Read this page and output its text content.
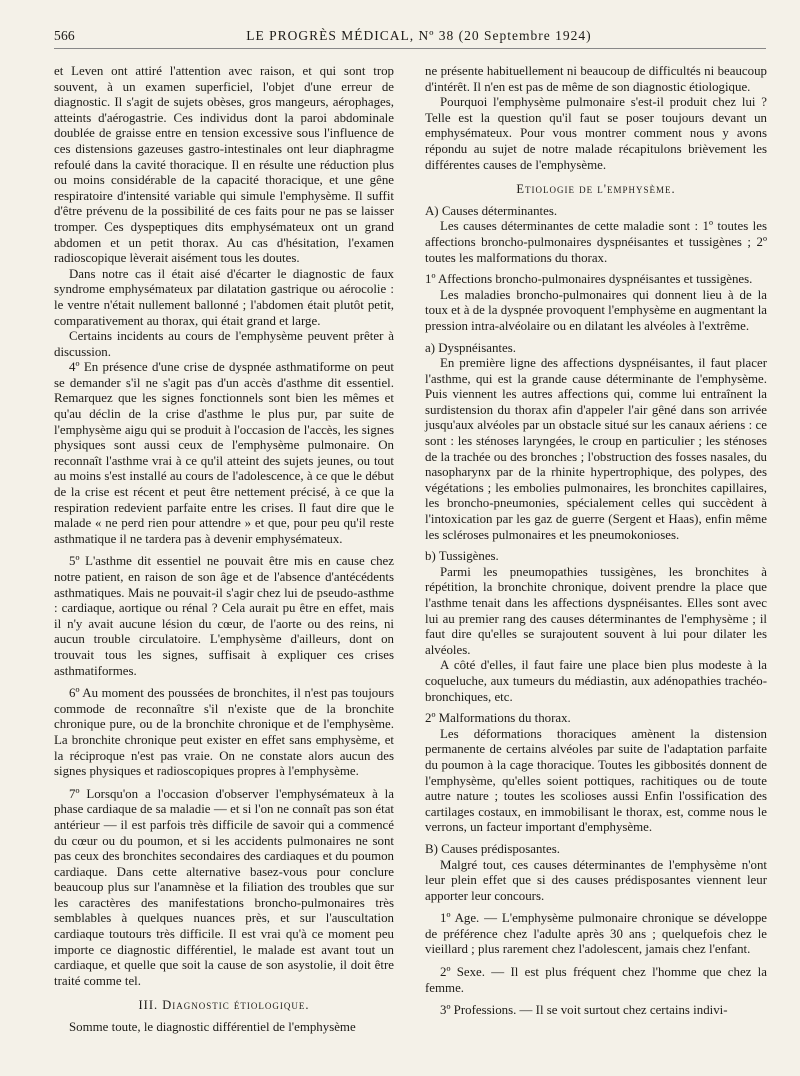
566	LE PROGRÈS MÉDICAL, Nº 38 (20 Septembre 1924)

et Leven ont attiré l'attention avec raison, et qui sont trop souvent, à un examen superficiel, l'objet d'une erreur de diagnostic. Il s'agit de sujets obèses, gros mangeurs, aérophages, atteints d'aérogastrie. Ces individus dont la paroi abdominale doublée de graisse entre en tension excessive sous l'influence de ces distensions gazeuses gastro-intestinales ont leur diaphragme refoulé dans la cavité thoracique. Il en résulte une réduction plus ou moins considérable de la capacité thoracique, et une gêne respiratoire d'intensité variable qui simule l'emphysème. Il suffit d'être prévenu de la possibilité de ces faits pour ne pas se laisser tromper. Ces dyspeptiques dits emphysémateux ont un grand abdomen et un petit thorax. Au cas d'hésitation, l'examen radioscopique lèverait aisément tous les doutes.

Dans notre cas il était aisé d'écarter le diagnostic de faux syndrome emphysémateux par dilatation gastrique ou aérocolie : le ventre n'était nullement ballonné ; l'abdomen était plutôt petit, comparativement au thorax, qui était grand et large.

Certains incidents au cours de l'emphysème peuvent prêter à discussion.

4º En présence d'une crise de dyspnée asthmatiforme on peut se demander s'il ne s'agit pas d'un accès d'asthme dit essentiel. Remarquez que les signes fonctionnels sont bien les mêmes et qu'au déclin de la crise d'asthme le plus pur, par suite de l'emphysème aigu qui se produit à l'occasion de l'accès, les signes physiques sont aussi ceux de l'emphysème pulmonaire. On reconnaît l'asthme vrai à ce qu'il atteint des sujets jeunes, ou tout au moins s'est installé au cours de l'adolescence, à ce que le début de la crise est récent et peut être nettement précisé, à ce que la respiration redevient parfaite entre les crises. Il faut dire que le malade « ne perd rien pour attendre » et que, pour peu qu'il reste asthmatique il ne tardera pas à devenir emphysémateux.

5º L'asthme dit essentiel ne pouvait être mis en cause chez notre patient, en raison de son âge et de l'absence d'antécédents asthmatiques. Mais ne pouvait-il s'agir chez lui de pseudo-asthme : cardiaque, aortique ou rénal ? Cela aurait pu être en effet, mais il n'y avait aucune lésion du cœur, de l'aorte ou des reins, ni aucun trouble circulatoire. L'emphysème d'ailleurs, dont on trouvait tous les signes, suffisait à expliquer ces crises asthmatiformes.

6º Au moment des poussées de bronchites, il n'est pas toujours commode de reconnaître s'il n'existe que de la bronchite chronique pure, ou de la bronchite chronique et de l'emphysème. La bronchite chronique peut exister en effet sans emphysème, et la réciproque n'est pas vraie. On ne constate alors aucun des signes physiques et radioscopiques propres à l'emphysème.

7º Lorsqu'on a l'occasion d'observer l'emphysémateux à la phase cardiaque de sa maladie — et si l'on ne connaît pas son état antérieur — il est parfois très difficile de savoir qui a commencé du cœur ou du poumon, et si les accidents pulmonaires ne sont pas ceux des bronchites secondaires des cardiaques et du poumon cardiaque. Dans cette alternative basez-vous pour conclure beaucoup plus sur l'anamnèse et la filiation des troubles que sur les caractères des manifestations broncho-pulmonaires très semblables à quelques nuances près, et sur l'auscultation cardiaque toutours très difficile. Il est vrai qu'à ce moment peu importe ce diagnostic différentiel, le malade est avant tout un cardiaque, et quelle que soit la cause de son asystolie, il doit être traité comme tel.

III. Diagnostic étiologique.

Somme toute, le diagnostic différentiel de l'emphysème

ne présente habituellement ni beaucoup de difficultés ni beaucoup d'intérêt. Il n'en est pas de même de son diagnostic étiologique.

Pourquoi l'emphysème pulmonaire s'est-il produit chez lui ? Telle est la question qu'il faut se poser toujours devant un emphysémateux. Pour vous montrer comment nous y avons répondu au sujet de notre malade récapitulons brièvement les différentes causes de l'emphysème.

Etiologie de l'emphysème.

A) Causes déterminantes.

Les causes déterminantes de cette maladie sont : 1º toutes les affections broncho-pulmonaires dyspnéisantes et tussigènes ; 2º toutes les malformations du thorax.

1º Affections broncho-pulmonaires dyspnéisantes et tussigènes.

Les maladies broncho-pulmonaires qui donnent lieu à de la toux et à de la dyspnée provoquent l'emphysème en augmentant la pression intra-alvéolaire ou en dilatant les alvéoles à l'extrême.

a) Dyspnéisantes.

En première ligne des affections dyspnéisantes, il faut placer l'asthme, qui est la grande cause déterminante de l'emphysème. Puis viennent les autres affections qui, comme lui entraînent la surdistension du thorax afin d'appeler l'air gêné dans son arrivée jusqu'aux alvéoles par un obstacle situé sur les canaux aériens : ce sont : les sténoses laryngées, le croup en particulier ; les sténoses de la trachée ou des bronches ; l'obstruction des fosses nasales, du nasopharynx par de la rhinite hypertrophique, des polypes, des végétations ; les embolies pulmonaires, les bronchites capillaires, les broncho-pneumonies, spécialement celles qui succèdent à l'intoxication par les gaz de guerre (Sergent et Haas), enfin même les scléroses pulmonaires et les pneumokonioses.

b) Tussigènes.

Parmi les pneumopathies tussigènes, les bronchites à répétition, la bronchite chronique, doivent prendre la place que l'asthme tenait dans les affections dyspnéisantes. Elles sont avec lui au premier rang des causes déterminantes de l'emphysème ; il faut dire qu'elles se surajoutent souvent à lui pour dilater les alvéoles.

A côté d'elles, il faut faire une place bien plus modeste à la coqueluche, aux tumeurs du médiastin, aux adénopathies trachéo-bronchiques, etc.

2º Malformations du thorax.

Les déformations thoraciques amènent la distension permanente de certains alvéoles par suite de l'adaptation parfaite du poumon à la cage thoracique. Toutes les gibbosités donnent de l'emphysème, qu'elles soient pottiques, rachitiques ou de toute autre nature ; toutes les scolioses aussi Enfin l'ossification des cartilages costaux, en immobilisant le thorax, est, comme nous le verrons, un facteur important d'emphysème.

B) Causes prédisposantes.

Malgré tout, ces causes déterminantes de l'emphysème n'ont leur plein effet que si des causes prédisposantes viennent leur apporter leur concours.

1º Age. — L'emphysème pulmonaire chronique se développe de préférence chez l'adulte après 30 ans ; quelquefois chez le vieillard ; plus rarement chez l'adolescent, jamais chez l'enfant.

2º Sexe. — Il est plus fréquent chez l'homme que chez la femme.

3º Professions. — Il se voit surtout chez certains indivi-
